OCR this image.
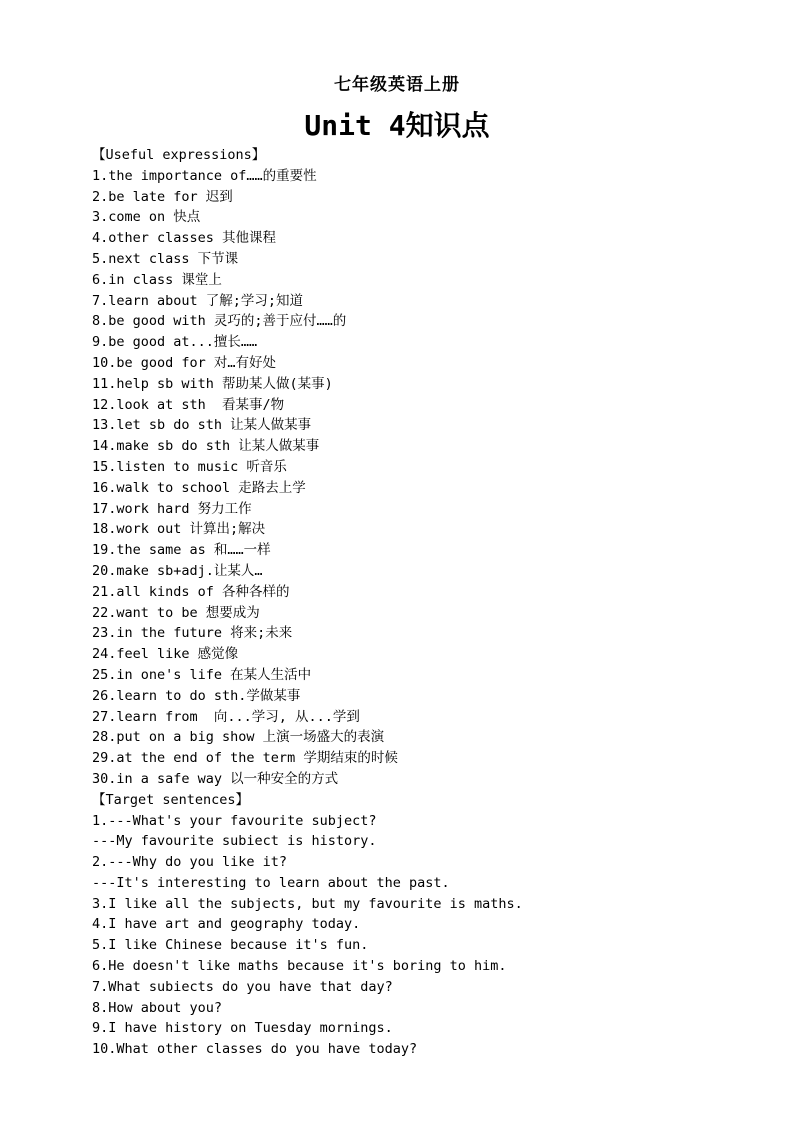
七年级英语上册
Unit 4知识点
【Useful expressions】
1.the importance of……的重要性
2.be late for 迟到
3.come on 快点
4.other classes 其他课程
5.next class 下节课
6.in class 课堂上
7.learn about 了解;学习;知道
8.be good with 灵巧的;善于应付……的
9.be good at...擅长……
10.be good for 对…有好处
11.help sb with 帮助某人做(某事)
12.look at sth  看某事/物
13.let sb do sth 让某人做某事
14.make sb do sth 让某人做某事
15.listen to music 听音乐
16.walk to school 走路去上学
17.work hard 努力工作
18.work out 计算出;解决
19.the same as 和……一样
20.make sb+adj.让某人…
21.all kinds of 各种各样的
22.want to be 想要成为
23.in the future 将来;未来
24.feel like 感觉像
25.in one's life 在某人生活中
26.learn to do sth.学做某事
27.learn from  向...学习, 从...学到
28.put on a big show 上演一场盛大的表演
29.at the end of the term 学期结束的时候
30.in a safe way 以一种安全的方式
【Target sentences】
1.---What's your favourite subject?
---My favourite subiect is history.
2.---Why do you like it?
---It's interesting to learn about the past.
3.I like all the subjects, but my favourite is maths.
4.I have art and geography today.
5.I like Chinese because it's fun.
6.He doesn't like maths because it's boring to him.
7.What subiects do you have that day?
8.How about you?
9.I have history on Tuesday mornings.
10.What other classes do you have today?
